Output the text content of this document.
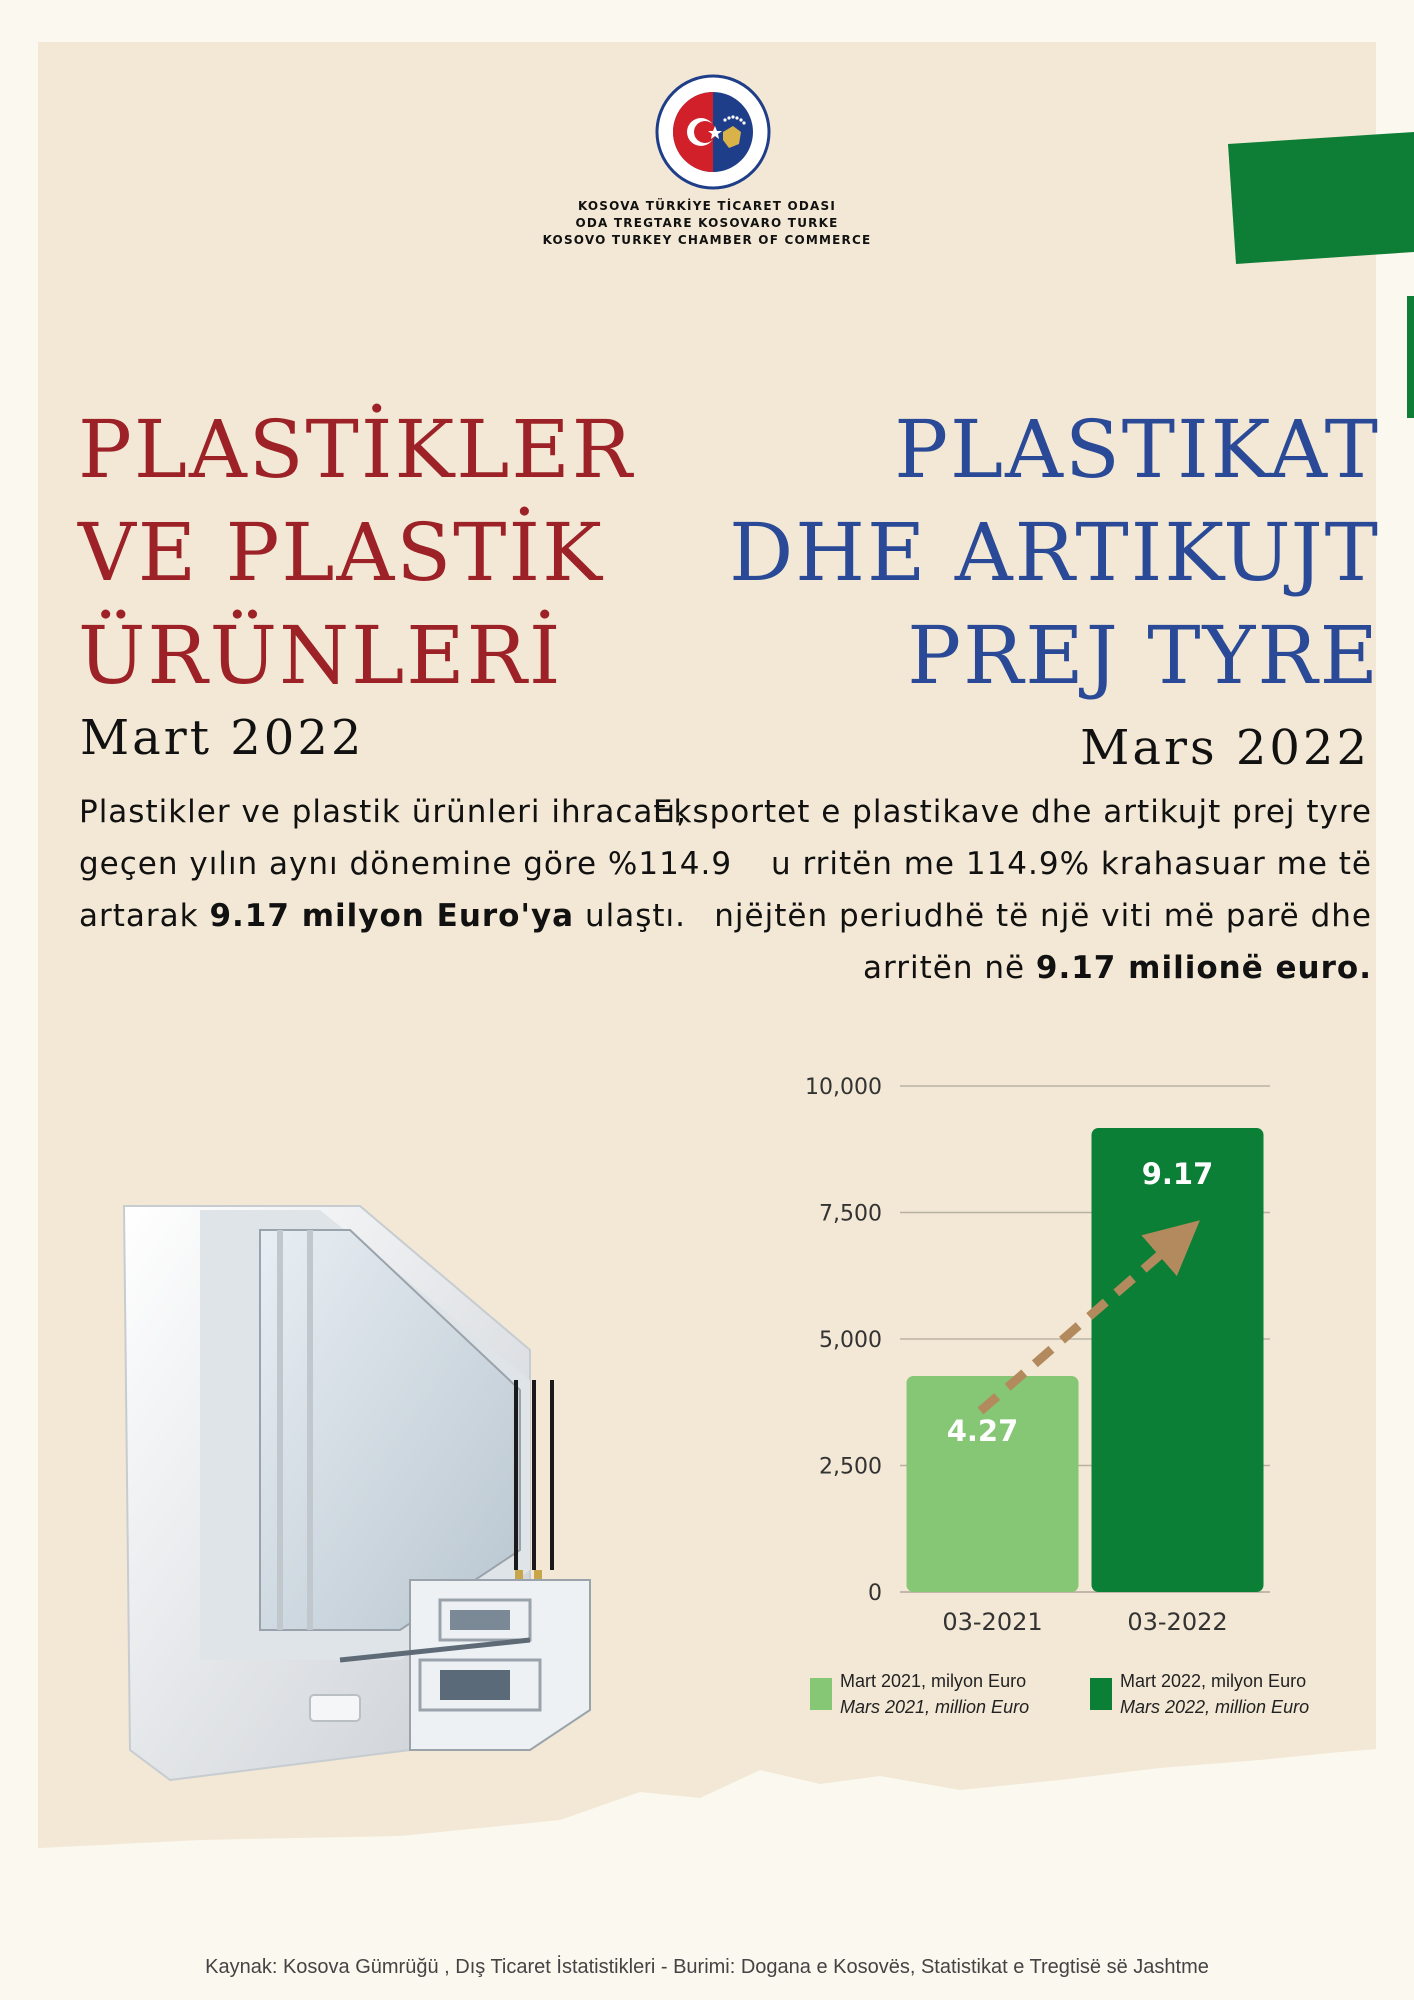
KOSOVA TÜRKİYE TİCARET ODASI
ODA TREGTARE KOSOVARO TURKE
KOSOVO TURKEY CHAMBER OF COMMERCE
PLASTİKLER
VE PLASTİK
ÜRÜNLERİ
PLASTIKAT
DHE ARTIKUJT
PREJ TYRE
Mart 2022	Mars 2022
Plastikler ve plastik ürünleri ihracatı, geçen yılın aynı dönemine göre %114.9 artarak 9.17 milyon Euro'ya ulaştı.
Eksportet e plastikave dhe artikujt prej tyre u rritën me 114.9% krahasuar me të njëjtën periudhë të një viti më parë dhe arritën në 9.17 milionë euro.
0
2,500
5,000
7,500
10,000
4.27
9.17
03-2021	03-2022
Mart 2021, milyon Euro
Mars 2021, million Euro
Mart 2022, milyon Euro
Mars 2022, million Euro
Kaynak: Kosova Gümrüğü , Dış Ticaret İstatistikleri - Burimi: Dogana e Kosovës, Statistikat e Tregtisë së Jashtme
